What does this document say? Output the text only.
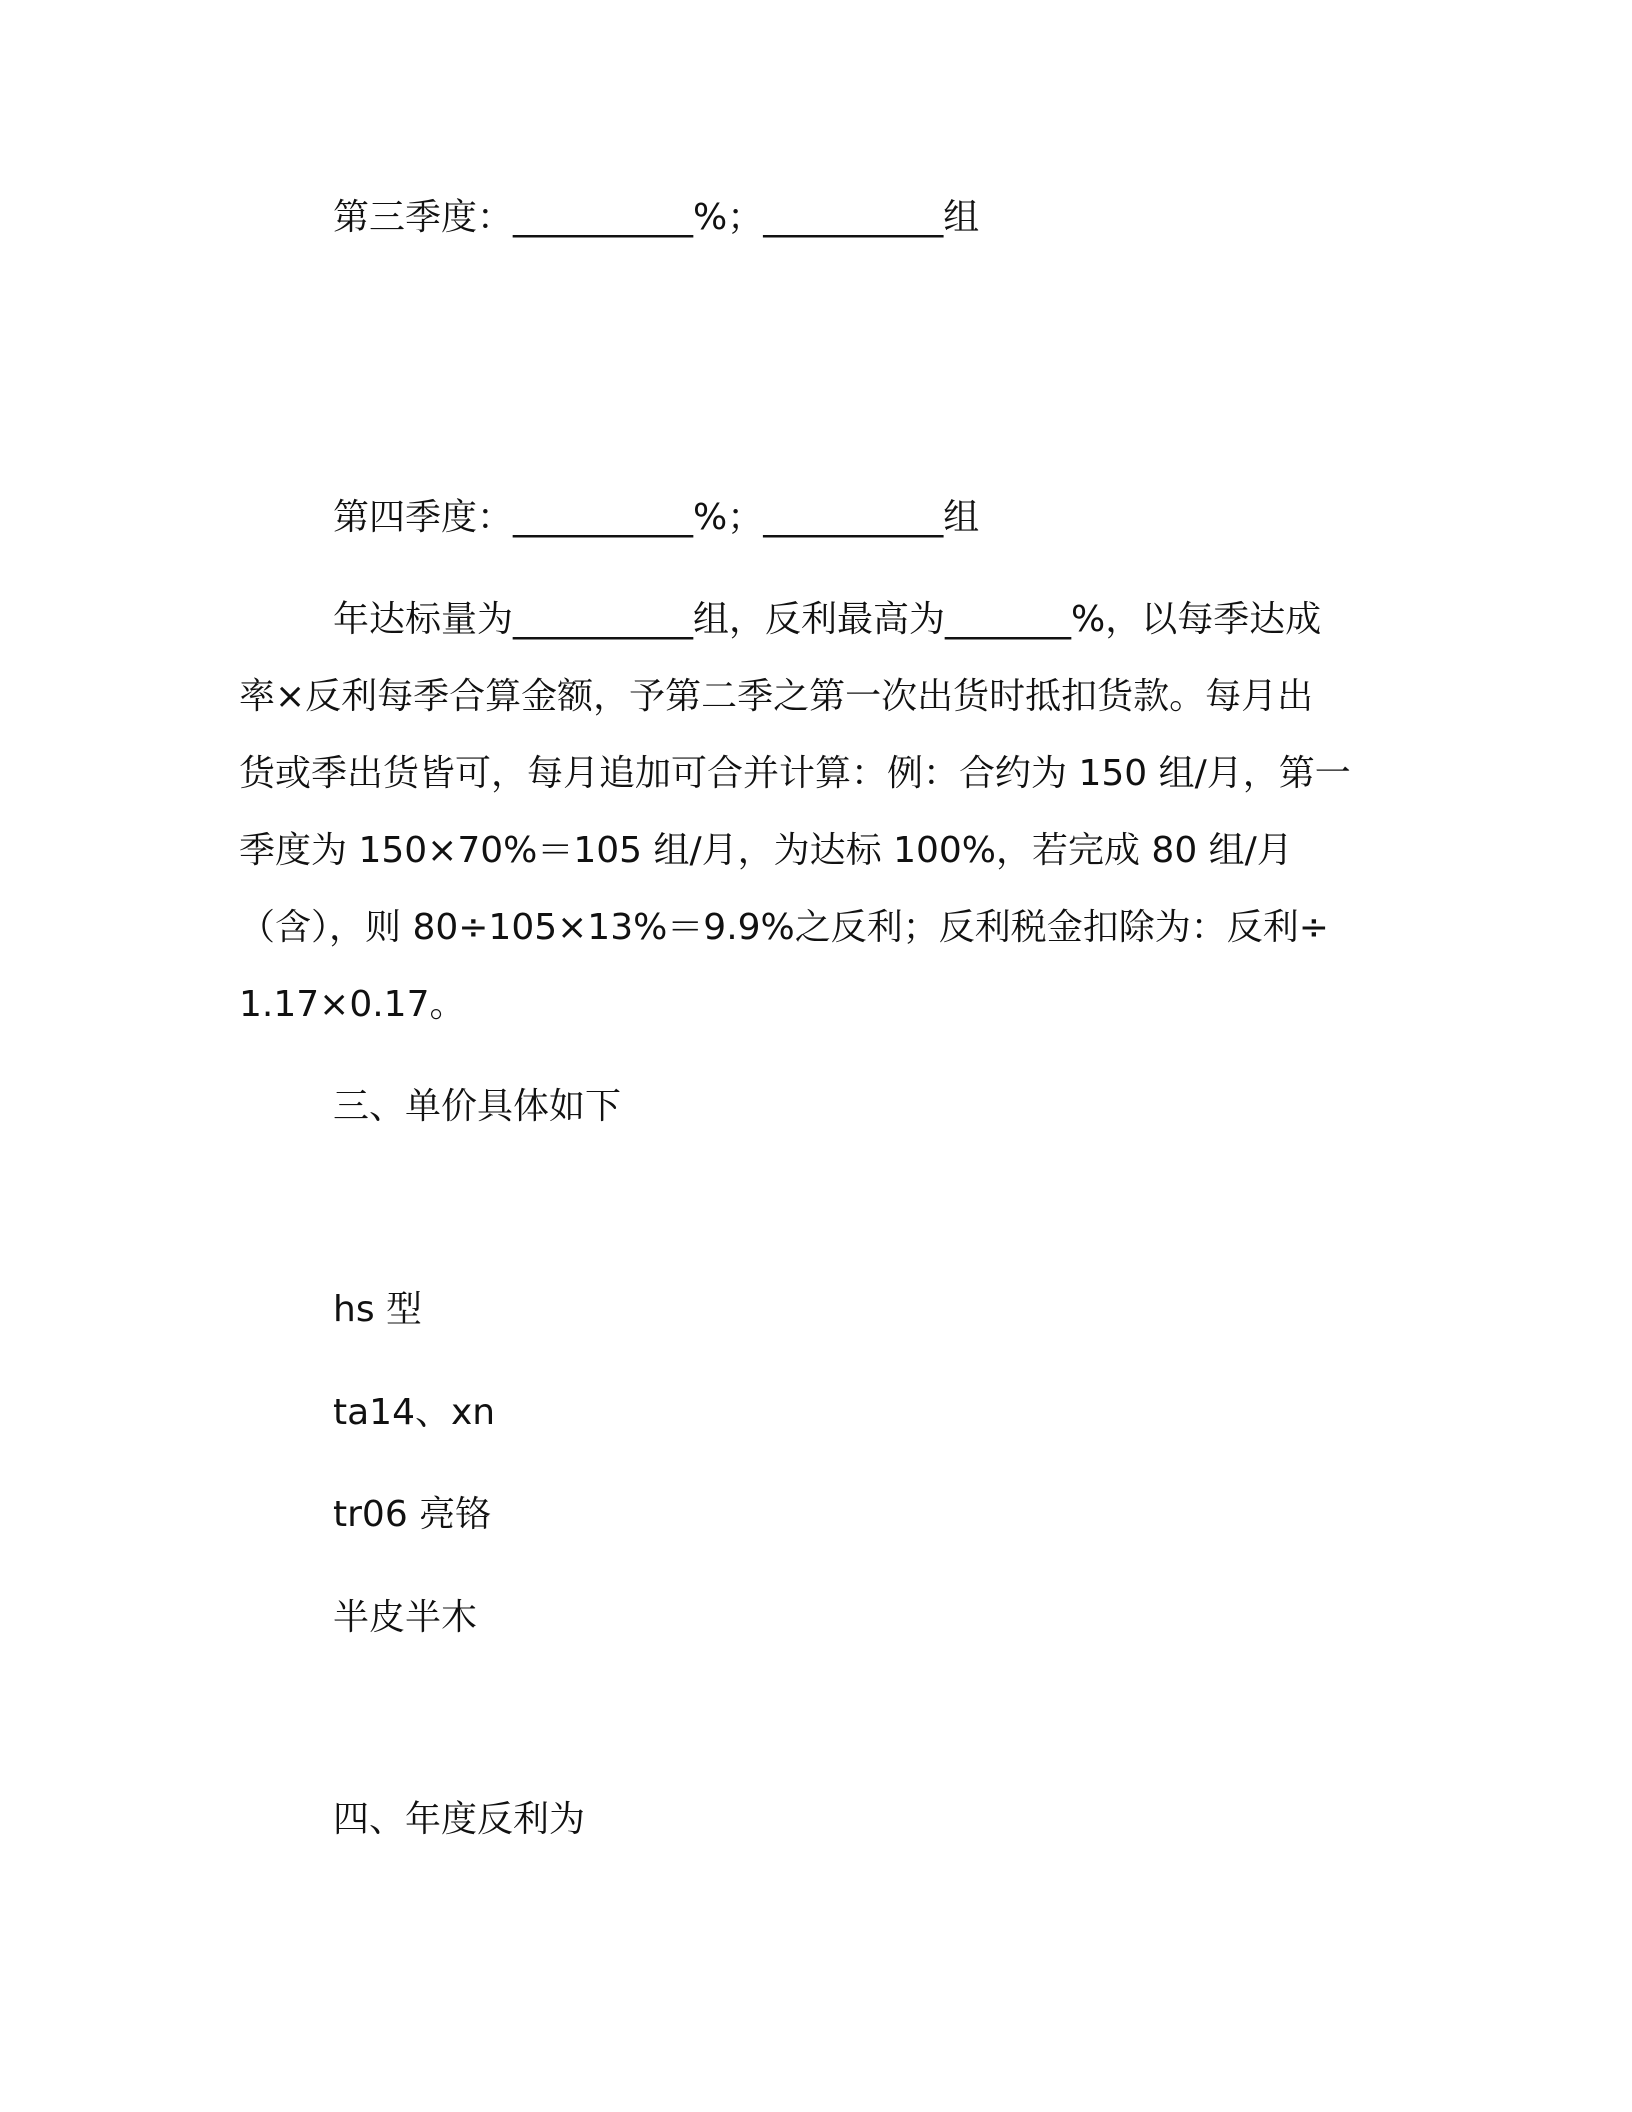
第三季度：__________%；__________组

第四季度：__________%；__________组

年达标量为__________组，反利最高为_______%，以每季达成

率×反利每季合算金额，予第二季之第一次出货时抵扣货款。每月出

货或季出货皆可，每月追加可合并计算：例：合约为 150 组/月，第一

季度为 150×70%＝105 组/月，为达标 100%，若完成 80 组/月

（含），则 80÷105×13%＝9.9%之反利；反利税金扣除为：反利÷

1.17×0.17。

三、单价具体如下

hs 型

ta14、xn

tr06 亮铬

半皮半木

四、年度反利为
